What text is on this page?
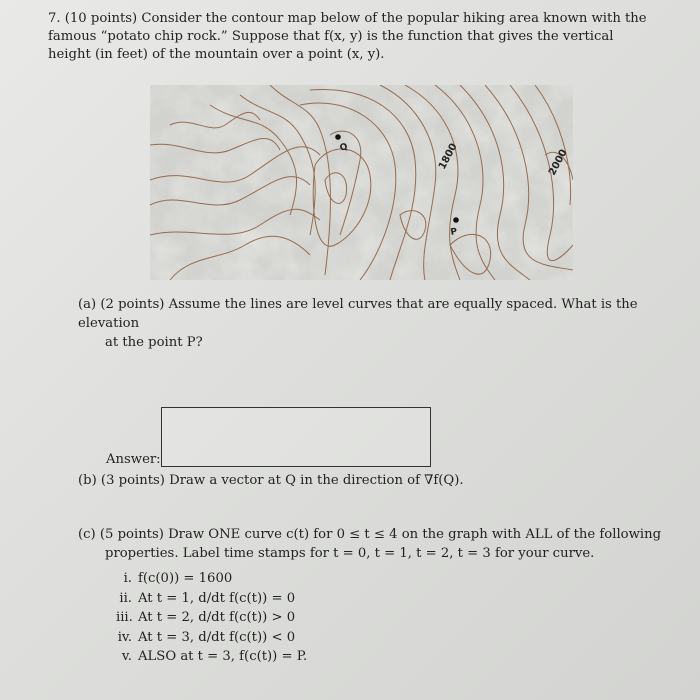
7. (10 points) Consider the contour map below of the popular hiking area known with the famous “potato chip rock.” Suppose that f(x, y) is the function that gives the vertical height (in feet) of the mountain over a point (x, y).
Q
P
1800	2000
(a) (2 points) Assume the lines are level curves that are equally spaced. What is the elevation
at the point P?
Answer:
(b) (3 points) Draw a vector at Q in the direction of ∇f(Q).
(c) (5 points) Draw ONE curve c(t) for 0 ≤ t ≤ 4 on the graph with ALL of the following
properties. Label time stamps for t = 0, t = 1, t = 2, t = 3 for your curve.
i. f(c(0)) = 1600
ii. At t = 1, d/dt f(c(t)) = 0
iii. At t = 2, d/dt f(c(t)) > 0
iv. At t = 3, d/dt f(c(t)) < 0
v. ALSO at t = 3, f(c(t)) = P.
